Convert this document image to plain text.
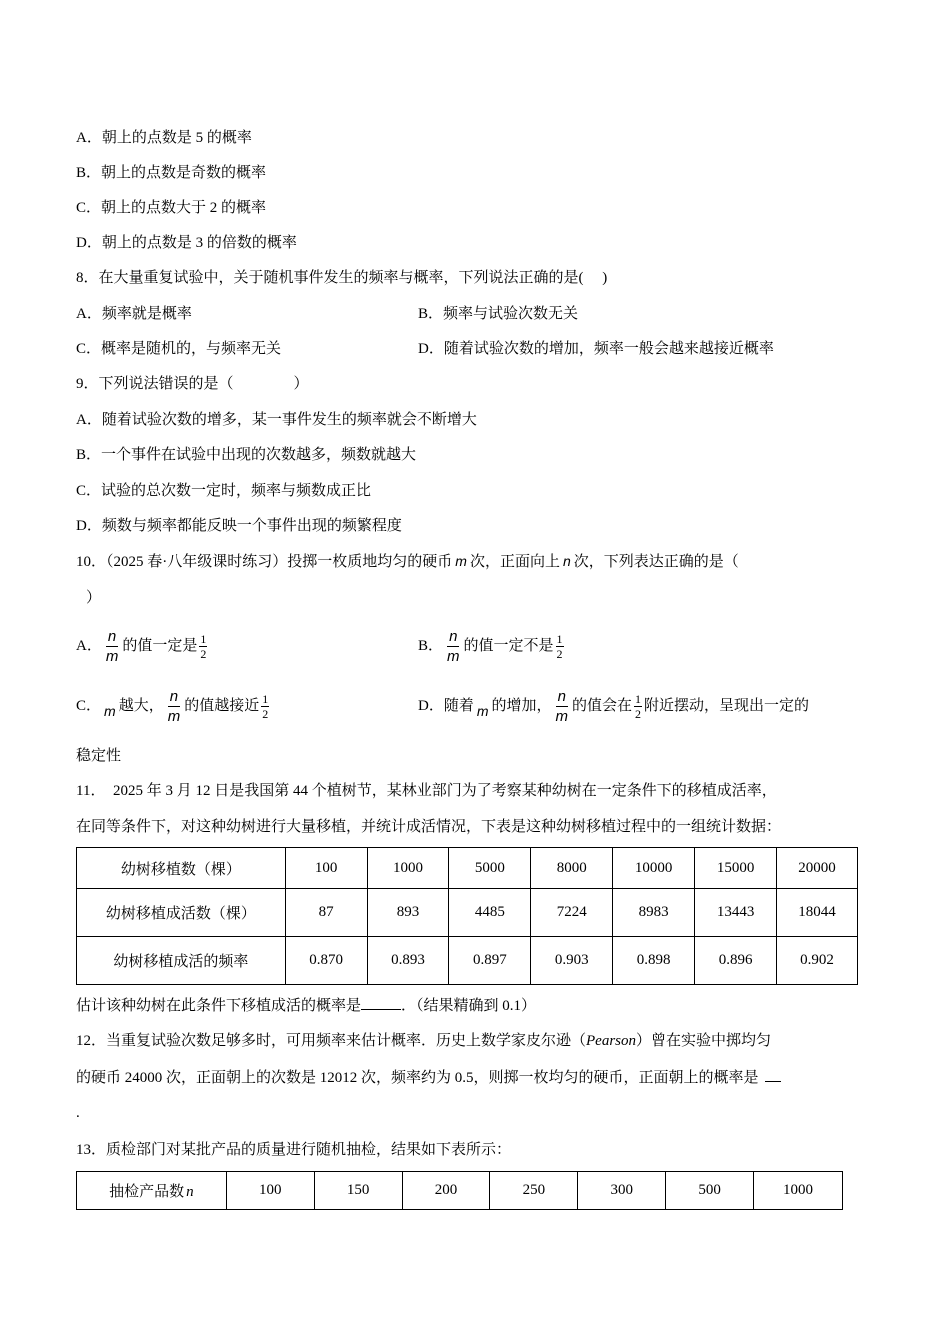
A．朝上的点数是 5 的概率
B．朝上的点数是奇数的概率
C．朝上的点数大于 2 的概率
D．朝上的点数是 3 的倍数的概率
8．在大量重复试验中，关于随机事件发生的频率与概率，下列说法正确的是(　 )
A．频率就是概率	B．频率与试验次数无关
C．概率是随机的，与频率无关	D．随着试验次数的增加，频率一般会越来越接近概率
9．下列说法错误的是（　　　　）
A．随着试验次数的增多，某一事件发生的频率就会不断增大
B．一个事件在试验中出现的次数越多，频数就越大
C．试验的总次数一定时，频率与频数成正比
D．频数与频率都能反映一个事件出现的频繁程度
10．（2025 春·八年级课时练习）投掷一枚质地均匀的硬币 m 次，正面向上 n 次，下列表达正确的是（
）
A． $\frac{n}{m}$ 的值一定是 $\frac{1}{2}$	B． $\frac{n}{m}$ 的值一定不是 $\frac{1}{2}$
C． m 越大， $\frac{n}{m}$ 的值越接近 $\frac{1}{2}$	D．随着 m 的增加， $\frac{n}{m}$ 的值会在 $\frac{1}{2}$ 附近摆动，呈现出一定的
稳定性
11．　2025 年 3 月 12 日是我国第 44 个植树节，某林业部门为了考察某种幼树在一定条件下的移植成活率，
在同等条件下，对这种幼树进行大量移植，并统计成活情况，下表是这种幼树移植过程中的一组统计数据：
幼树移植数（棵）	100	1000	5000	8000	10000	15000	20000
幼树移植成活数（棵）	87	893	4485	7224	8983	13443	18044
幼树移植成活的频率	0.870	0.893	0.897	0.903	0.898	0.896	0.902
估计该种幼树在此条件下移植成活的概率是	．（结果精确到 0.1）
12．当重复试验次数足够多时，可用频率来估计概率．历史上数学家皮尔逊（Pearson）曾在实验中掷均匀
的硬币 24000 次，正面朝上的次数是 12012 次，频率约为 0.5，则掷一枚均匀的硬币，正面朝上的概率是
.
13．质检部门对某批产品的质量进行随机抽检，结果如下表所示：
抽检产品数 n	100	150	200	250	300	500	1000
